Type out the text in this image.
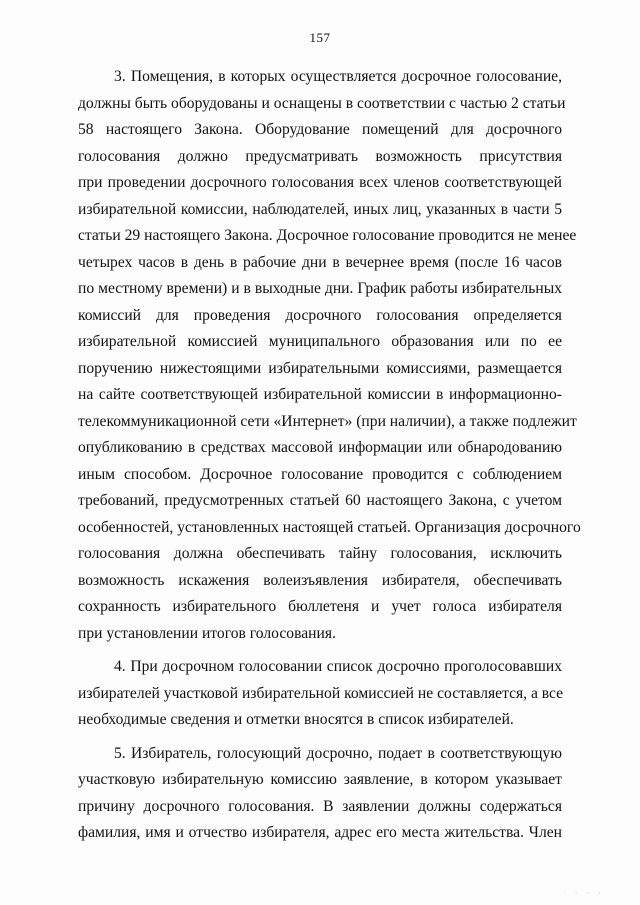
157

3. Помещения, в которых осуществляется досрочное голосование,
должны быть оборудованы и оснащены в соответствии с частью 2 статьи
58 настоящего Закона. Оборудование помещений для досрочного
голосования должно предусматривать возможность присутствия
при проведении досрочного голосования всех членов соответствующей
избирательной комиссии, наблюдателей, иных лиц, указанных в части 5
статьи 29 настоящего Закона. Досрочное голосование проводится не менее
четырех часов в день в рабочие дни в вечернее время (после 16 часов
по местному времени) и в выходные дни. График работы избирательных
комиссий для проведения досрочного голосования определяется
избирательной комиссией муниципального образования или по ее
поручению нижестоящими избирательными комиссиями, размещается
на сайте соответствующей избирательной комиссии в информационно-
телекоммуникационной сети «Интернет» (при наличии), а также подлежит
опубликованию в средствах массовой информации или обнародованию
иным способом. Досрочное голосование проводится с соблюдением
требований, предусмотренных статьей 60 настоящего Закона, с учетом
особенностей, установленных настоящей статьей. Организация досрочного
голосования должна обеспечивать тайну голосования, исключить
возможность искажения волеизъявления избирателя, обеспечивать
сохранность избирательного бюллетеня и учет голоса избирателя
при установлении итогов голосования.

4. При досрочном голосовании список досрочно проголосовавших
избирателей участковой избирательной комиссией не составляется, а все
необходимые сведения и отметки вносятся в список избирателей.

5. Избиратель, голосующий досрочно, подает в соответствующую
участковую избирательную комиссию заявление, в котором указывает
причину досрочного голосования. В заявлении должны содержаться
фамилия, имя и отчество избирателя, адрес его места жительства. Член

· · · ·
